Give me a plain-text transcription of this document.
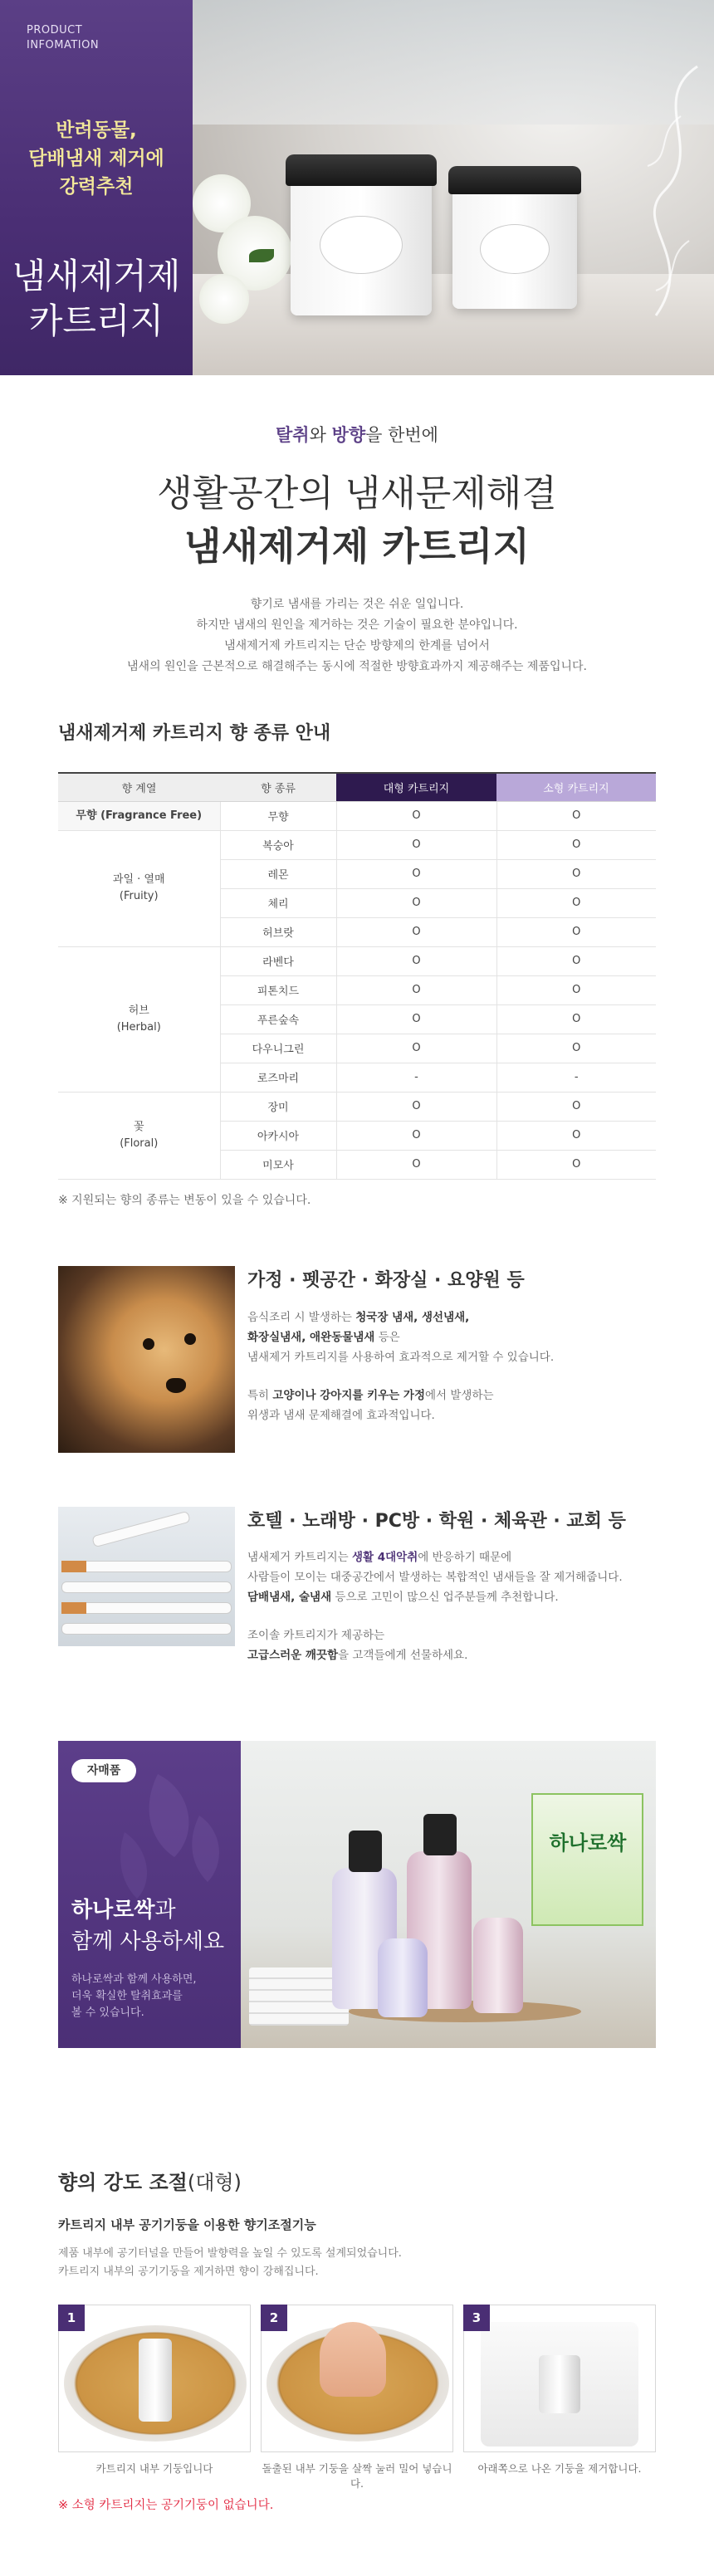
PRODUCT
INFOMATION
반려동물,
담배냄새 제거에
강력추천
냄새제거제
카트리지
탈취와 방향을 한번에
생활공간의 냄새문제해결
냄새제거제 카트리지
향기로 냄새를 가리는 것은 쉬운 일입니다.
하지만 냄새의 원인을 제거하는 것은 기술이 필요한 분야입니다.
냄새제거제 카트리지는 단순 방향제의 한계를 넘어서
냄새의 원인을 근본적으로 해결해주는 동시에 적절한 방향효과까지 제공해주는 제품입니다.
냄새제거제 카트리지 향 종류 안내
향 계열	향 종류	대형 카트리지	소형 카트리지
무향 (Fragrance Free)	무향	O	O
과일 · 열매
(Fruity)	복숭아	O	O
	레몬	O	O
	체리	O	O
	허브랏	O	O
허브
(Herbal)	라벤다	O	O
	피톤치드	O	O
	푸른숲속	O	O
	다우니그린	O	O
	로즈마리	-	-
꽃
(Floral)	장미	O	O
	아카시아	O	O
	미모사	O	O
※ 지원되는 향의 종류는 변동이 있을 수 있습니다.
가정 · 펫공간 · 화장실 · 요양원 등
음식조리 시 발생하는 청국장 냄새, 생선냄새,
화장실냄새, 애완동물냄새 등은
냄새제거 카트리지를 사용하여 효과적으로 제거할 수 있습니다.
특히 고양이나 강아지를 키우는 가정에서 발생하는
위생과 냄새 문제해결에 효과적입니다.
호텔 · 노래방 · PC방 · 학원 · 체육관 · 교회 등
냄새제거 카트리지는 생활 4대악취에 반응하기 때문에
사람들이 모이는 대중공간에서 발생하는 복합적인 냄새들을 잘 제거해줍니다.
담배냄새, 술냄새 등으로 고민이 많으신 업주분들께 추천합니다.
조이솔 카트리지가 제공하는
고급스러운 깨끗함을 고객들에게 선물하세요.
하나로싹
자매품
하나로싹과
함께 사용하세요
하나로싹과 함께 사용하면,
더욱 확실한 탈취효과를
볼 수 있습니다.
향의 강도 조절(대형)
카트리지 내부 공기기둥을 이용한 향기조절기능
제품 내부에 공기터널을 만들어 발향력을 높일 수 있도록 설계되었습니다.
카트리지 내부의 공기기둥을 제거하면 향이 강해집니다.
1
카트리지 내부 기둥입니다
2
돌출된 내부 기둥을 살짝 눌러 밀어 넣습니다.
3
아래쪽으로 나온 기둥을 제거합니다.
※ 소형 카트리지는 공기기둥이 없습니다.
